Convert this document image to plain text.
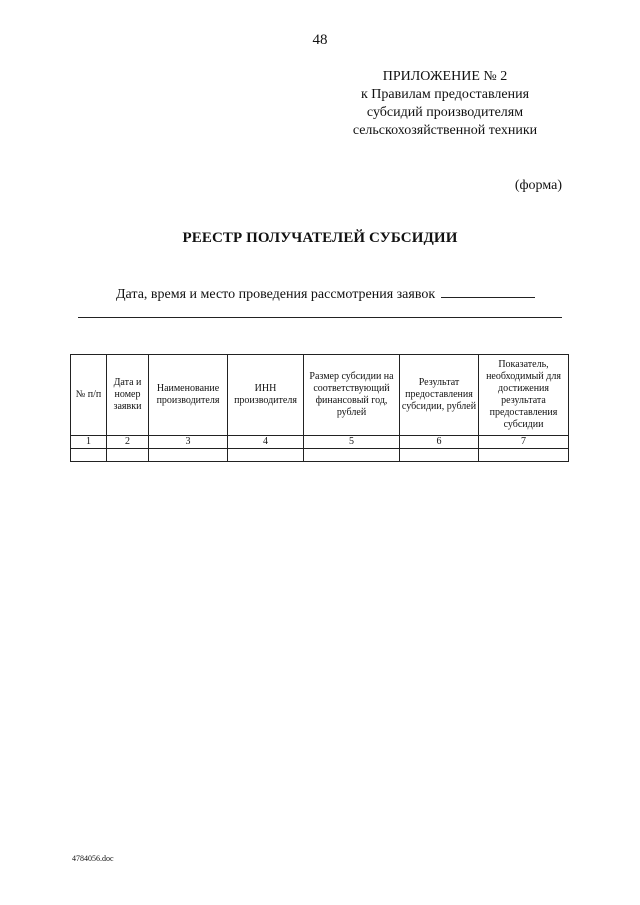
48
ПРИЛОЖЕНИЕ № 2
к Правилам предоставления
субсидий производителям
сельскохозяйственной техники
(форма)
РЕЕСТР ПОЛУЧАТЕЛЕЙ СУБСИДИИ
Дата, время и место проведения рассмотрения заявок
№ п/п	Дата и номер заявки	Наименование производителя	ИНН производителя	Размер субсидии на соответствующий финансовый год, рублей	Результат предоставления субсидии, рублей	Показатель, необходимый для достижения результата предоставления субсидии
1	2	3	4	5	6	7

4784056.doc
